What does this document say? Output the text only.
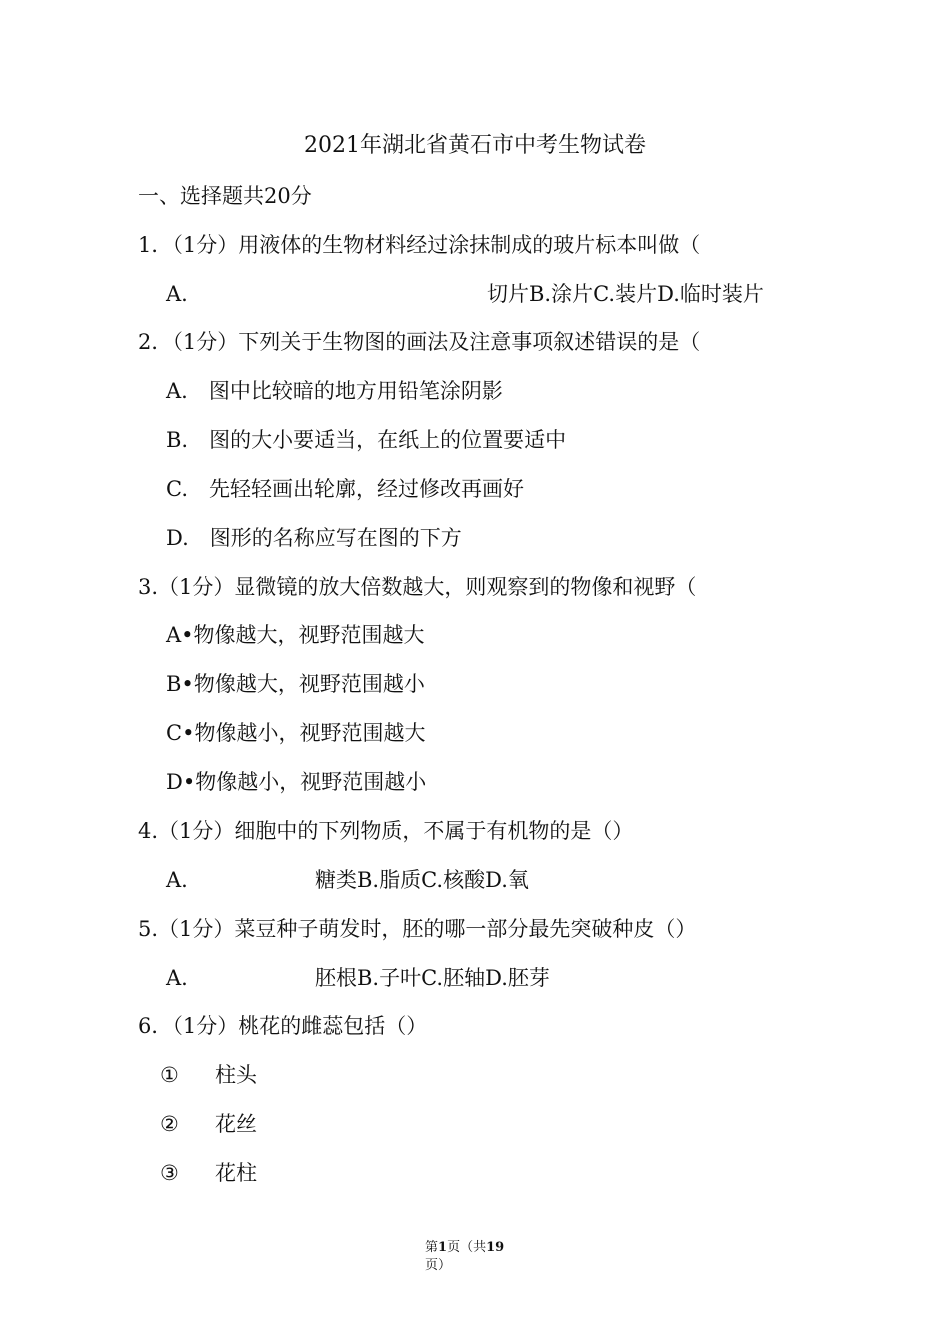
2021年湖北省黄石市中考生物试卷
一、选择题共20分
1．（1分）用液体的生物材料经过涂抹制成的玻片标本叫做（
A.	切片B.涂片C.装片D.临时装片
2．（1分）下列关于生物图的画法及注意事项叙述错误的是（
A.　图中比较暗的地方用铅笔涂阴影
B.　图的大小要适当，在纸上的位置要适中
C.　先轻轻画出轮廓，经过修改再画好
D.　图形的名称应写在图的下方
3.（1分）显微镜的放大倍数越大，则观察到的物像和视野（
A•物像越大，视野范围越大
B•物像越大，视野范围越小
C•物像越小，视野范围越大
D•物像越小，视野范围越小
4.（1分）细胞中的下列物质，不属于有机物的是（）
A.	糖类B.脂质C.核酸D.氧
5.（1分）菜豆种子萌发时，胚的哪一部分最先突破种皮（）
A.	胚根B.子叶C.胚轴D.胚芽
6．（1分）桃花的雌蕊包括（）
① 柱头
② 花丝
③ 花柱
第1页（共19
页）
